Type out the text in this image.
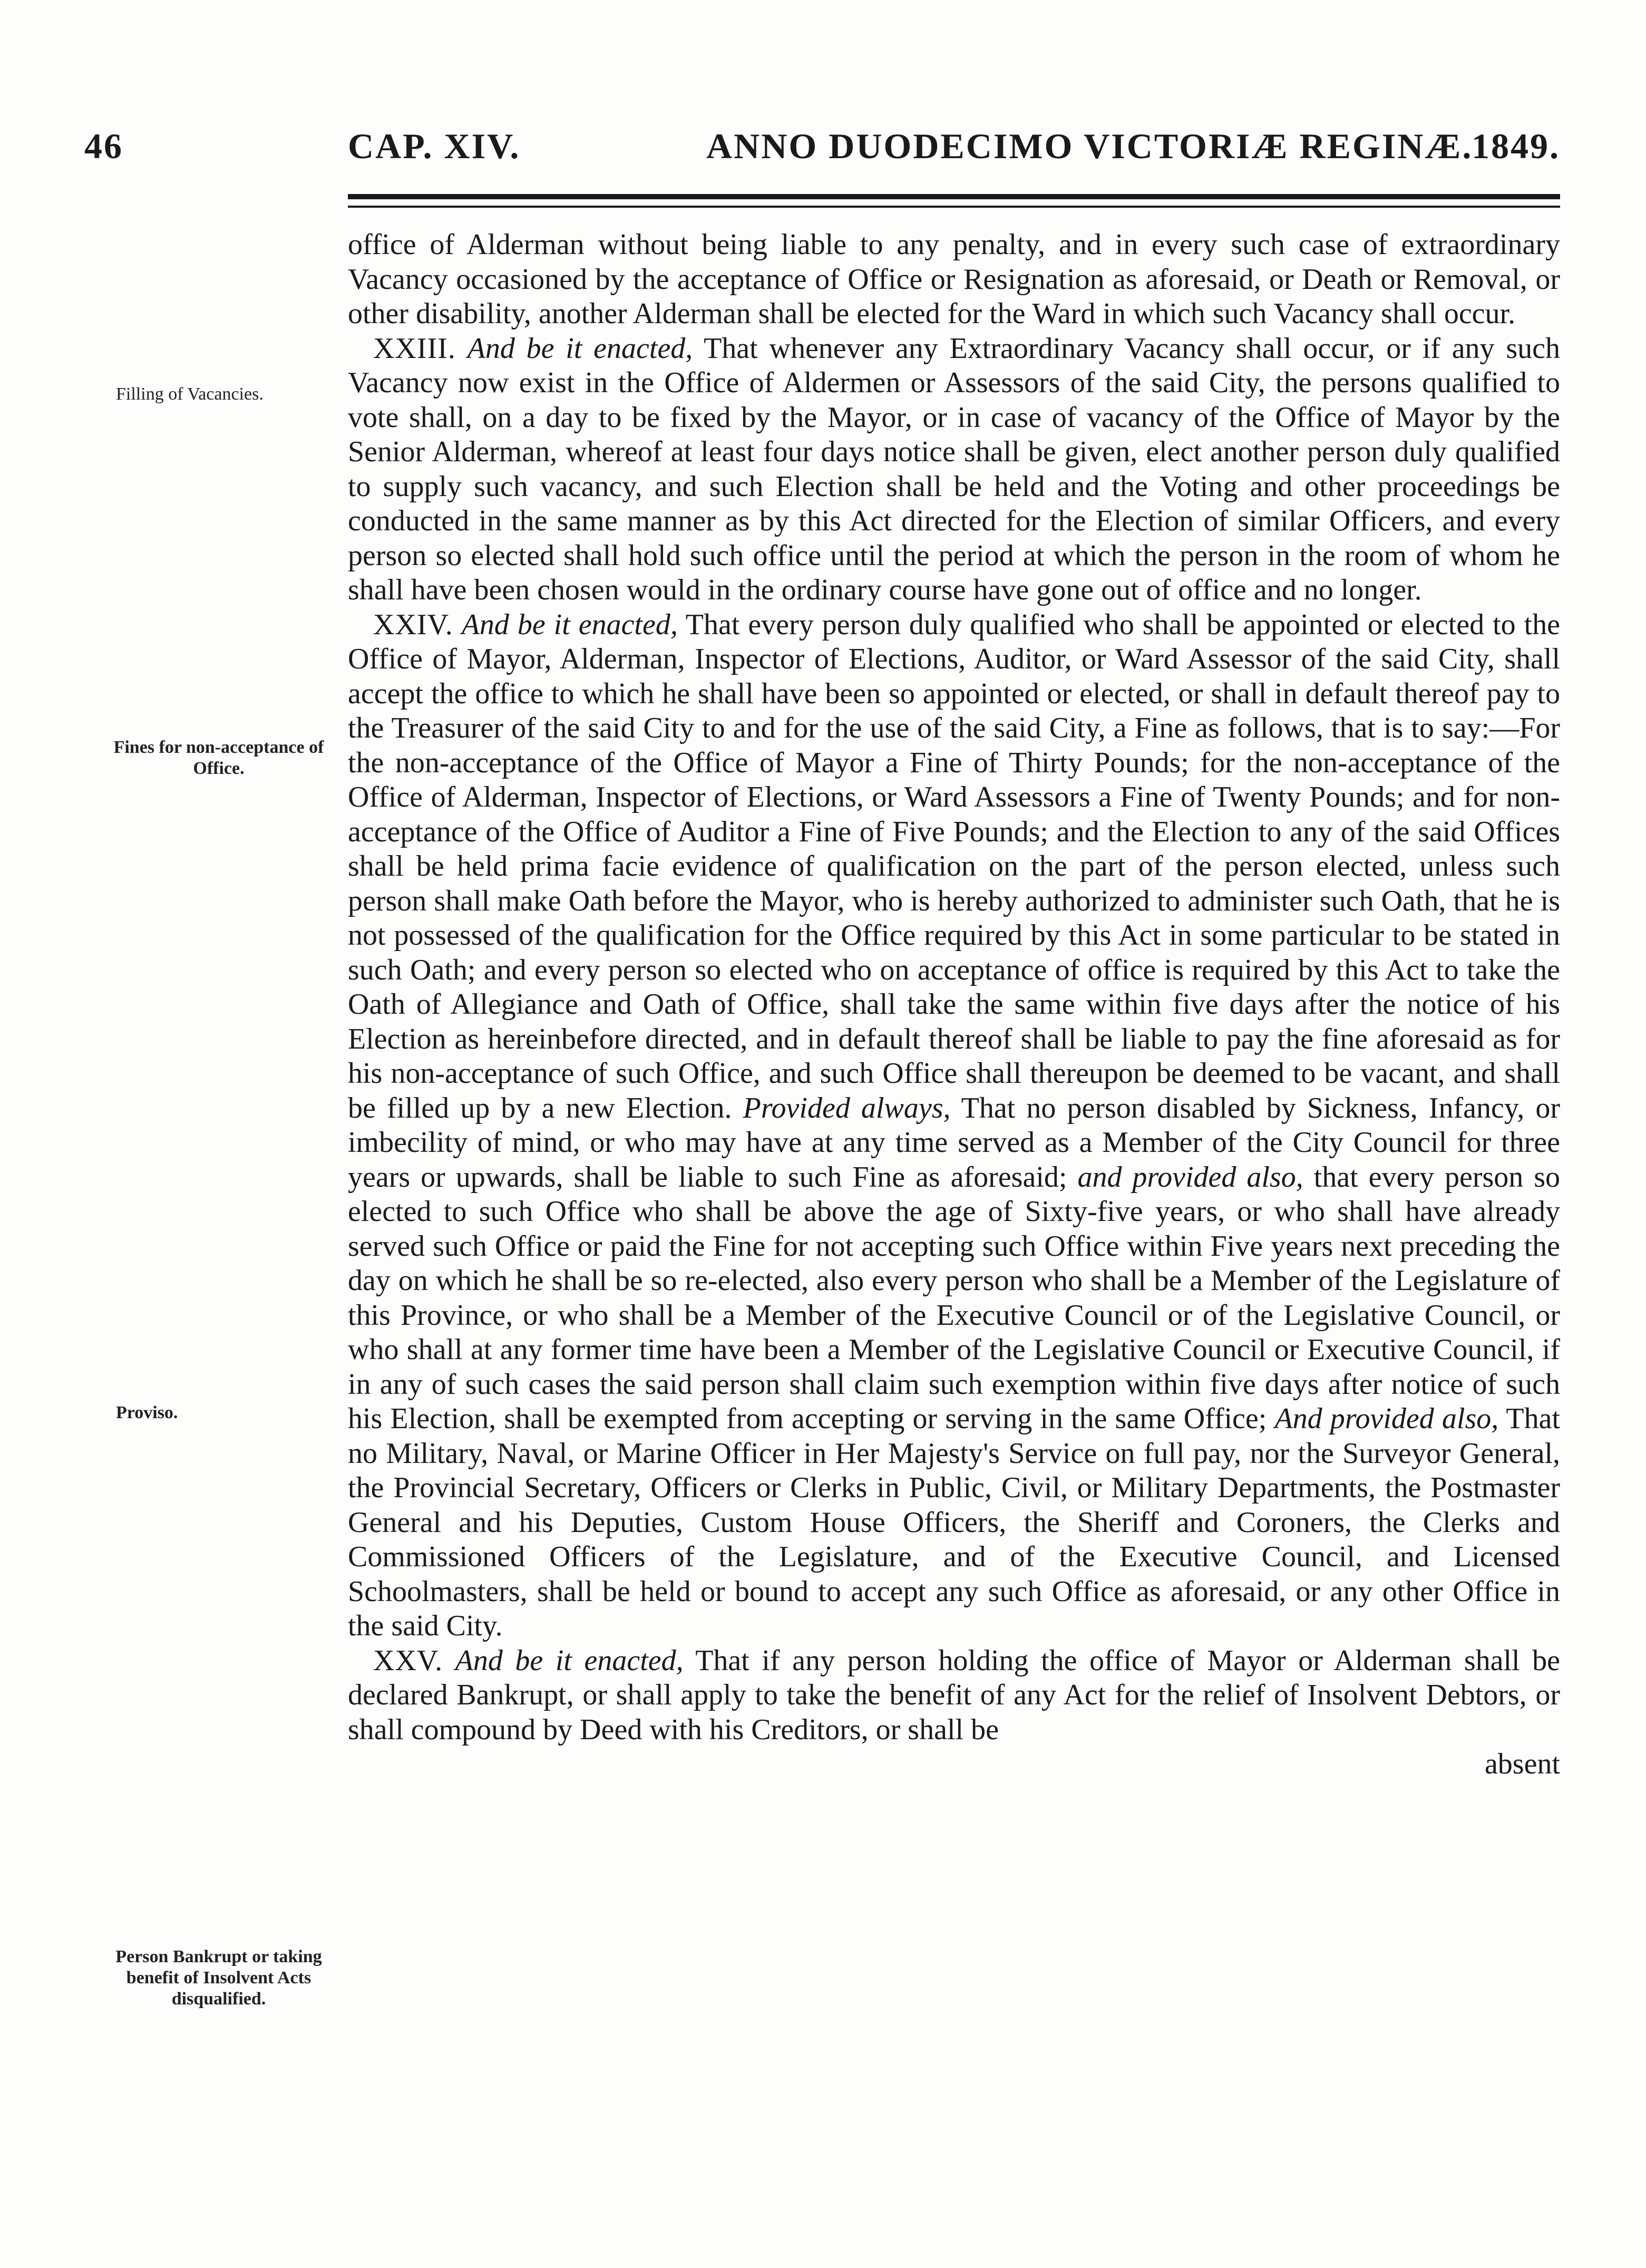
46	CAP. XIV.	ANNO DUODECIMO VICTORIÆ REGINÆ.
1849.
Filling of Vacancies.
Fines for non-acceptance of Office.
Proviso.
Person Bankrupt or taking benefit of Insolvent Acts disqualified.

office of Alderman without being liable to any penalty, and in every such case of extraordinary Vacancy occasioned by the acceptance of Office or Resignation as aforesaid, or Death or Removal, or other disability, another Alderman shall be elected for the Ward in which such Vacancy shall occur.

XXIII. And be it enacted, That whenever any Extraordinary Vacancy shall occur, or if any such Vacancy now exist in the Office of Aldermen or Assessors of the said City, the persons qualified to vote shall, on a day to be fixed by the Mayor, or in case of vacancy of the Office of Mayor by the Senior Alderman, whereof at least four days notice shall be given, elect another person duly qualified to supply such vacancy, and such Election shall be held and the Voting and other proceedings be conducted in the same manner as by this Act directed for the Election of similar Officers, and every person so elected shall hold such office until the period at which the person in the room of whom he shall have been chosen would in the ordinary course have gone out of office and no longer.

XXIV. And be it enacted, That every person duly qualified who shall be appointed or elected to the Office of Mayor, Alderman, Inspector of Elections, Auditor, or Ward Assessor of the said City, shall accept the office to which he shall have been so appointed or elected, or shall in default thereof pay to the Treasurer of the said City to and for the use of the said City, a Fine as follows, that is to say:—For the non-acceptance of the Office of Mayor a Fine of Thirty Pounds; for the non-acceptance of the Office of Alderman, Inspector of Elections, or Ward Assessors a Fine of Twenty Pounds; and for non-acceptance of the Office of Auditor a Fine of Five Pounds; and the Election to any of the said Offices shall be held prima facie evidence of qualification on the part of the person elected, unless such person shall make Oath before the Mayor, who is hereby authorized to administer such Oath, that he is not possessed of the qualification for the Office required by this Act in some particular to be stated in such Oath; and every person so elected who on acceptance of office is required by this Act to take the Oath of Allegiance and Oath of Office, shall take the same within five days after the notice of his Election as hereinbefore directed, and in default thereof shall be liable to pay the fine aforesaid as for his non-acceptance of such Office, and such Office shall thereupon be deemed to be vacant, and shall be filled up by a new Election. Provided always, That no person disabled by Sickness, Infancy, or imbecility of mind, or who may have at any time served as a Member of the City Council for three years or upwards, shall be liable to such Fine as aforesaid; and provided also, that every person so elected to such Office who shall be above the age of Sixty-five years, or who shall have already served such Office or paid the Fine for not accepting such Office within Five years next preceding the day on which he shall be so re-elected, also every person who shall be a Member of the Legislature of this Province, or who shall be a Member of the Executive Council or of the Legislative Council, or who shall at any former time have been a Member of the Legislative Council or Executive Council, if in any of such cases the said person shall claim such exemption within five days after notice of such his Election, shall be exempted from accepting or serving in the same Office; And provided also, That no Military, Naval, or Marine Officer in Her Majesty's Service on full pay, nor the Surveyor General, the Provincial Secretary, Officers or Clerks in Public, Civil, or Military Departments, the Postmaster General and his Deputies, Custom House Officers, the Sheriff and Coroners, the Clerks and Commissioned Officers of the Legislature, and of the Executive Council, and Licensed Schoolmasters, shall be held or bound to accept any such Office as aforesaid, or any other Office in the said City.

XXV. And be it enacted, That if any person holding the office of Mayor or Alderman shall be declared Bankrupt, or shall apply to take the benefit of any Act for the relief of Insolvent Debtors, or shall compound by Deed with his Creditors, or shall be

absent
